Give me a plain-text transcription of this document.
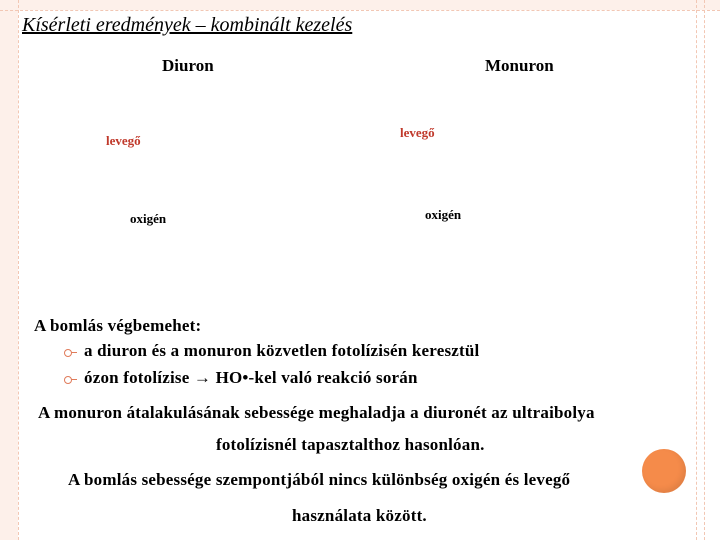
Kísérleti eredmények – kombinált kezelés
Diuron	Monuron
levegő
oxigén
levegő
oxigén
A bomlás végbemehet:
a diuron és a monuron közvetlen fotolízisén keresztül
ózon fotolízise → HO•-kel való reakció során
A monuron átalakulásának sebessége meghaladja a diuronét az ultraibolya
fotolízisnél tapasztalthoz hasonlóan.
A bomlás sebessége szempontjából nincs különbség oxigén és levegő
használata között.
